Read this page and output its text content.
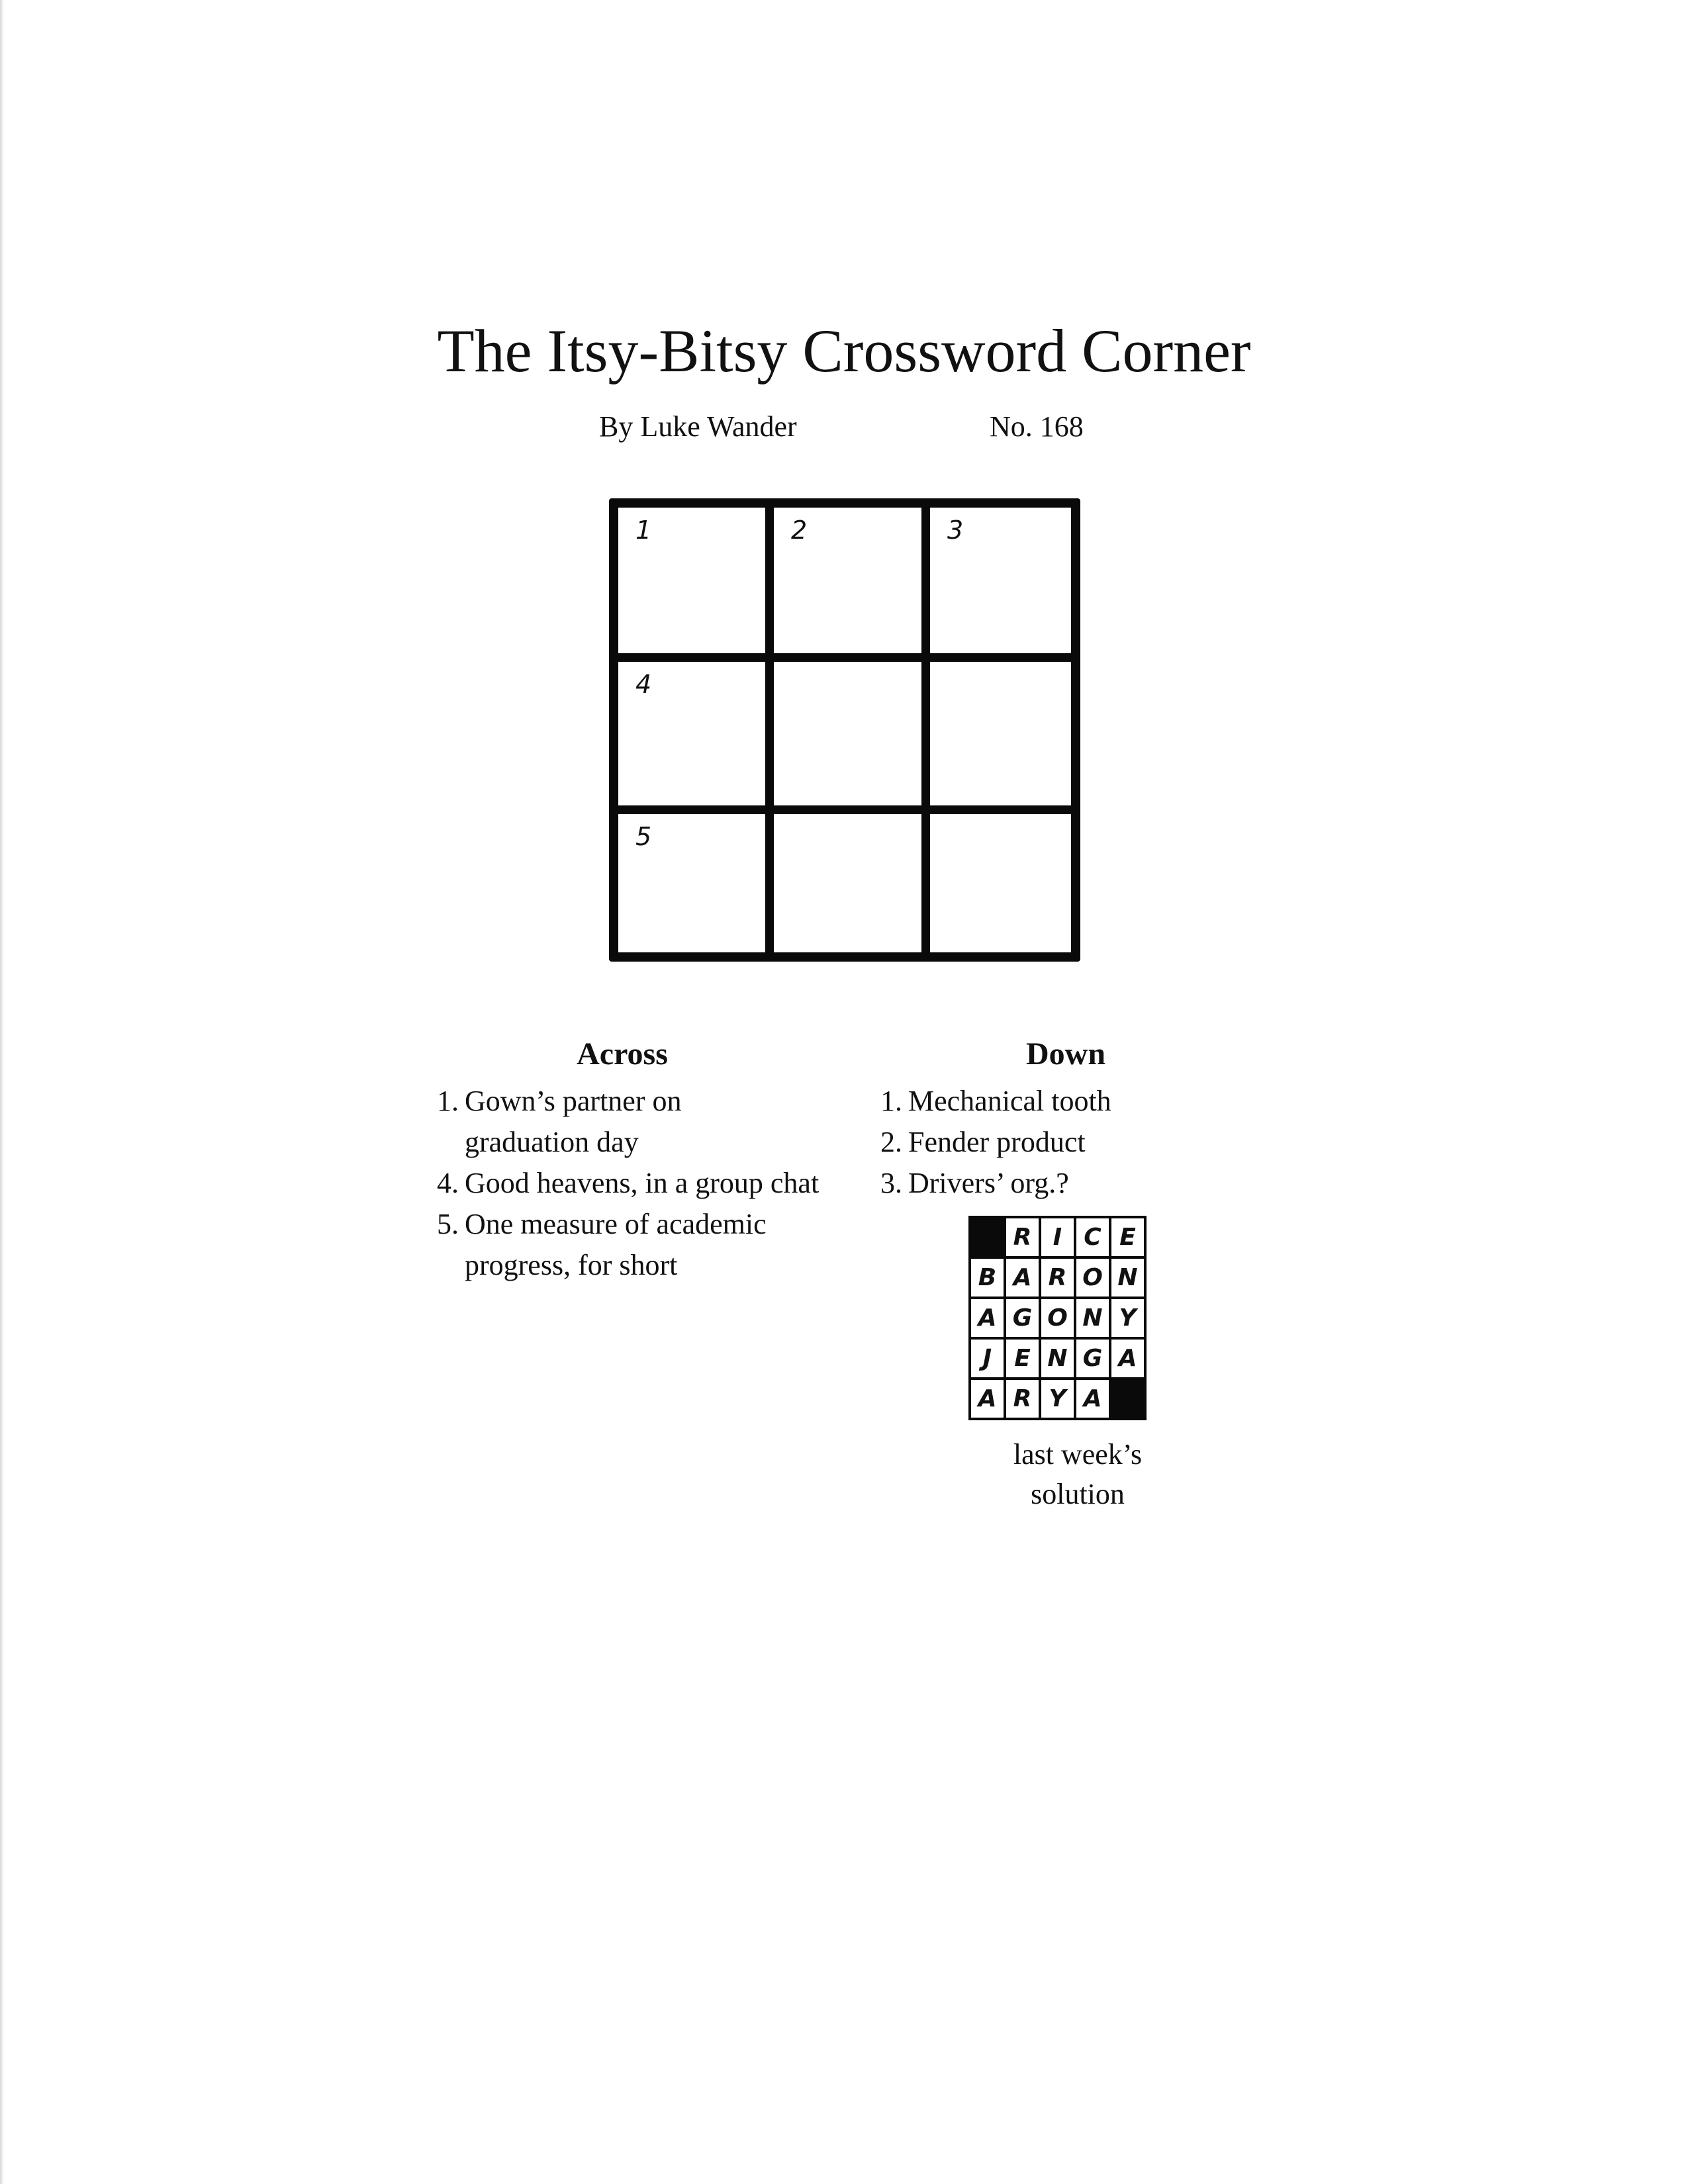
The Itsy-Bitsy Crossword Corner
By Luke Wander	No. 168
1	2	3
4
5
Across
1. Gown’s partner on graduation day
4. Good heavens, in a group chat
5. One measure of academic progress, for short
Down
1. Mechanical tooth
2. Fender product
3. Drivers’ org.?
	R	I	C	E
B	A	R	O	N
A	G	O	N	Y
J	E	N	G	A
A	R	Y	A	
last week’s solution
